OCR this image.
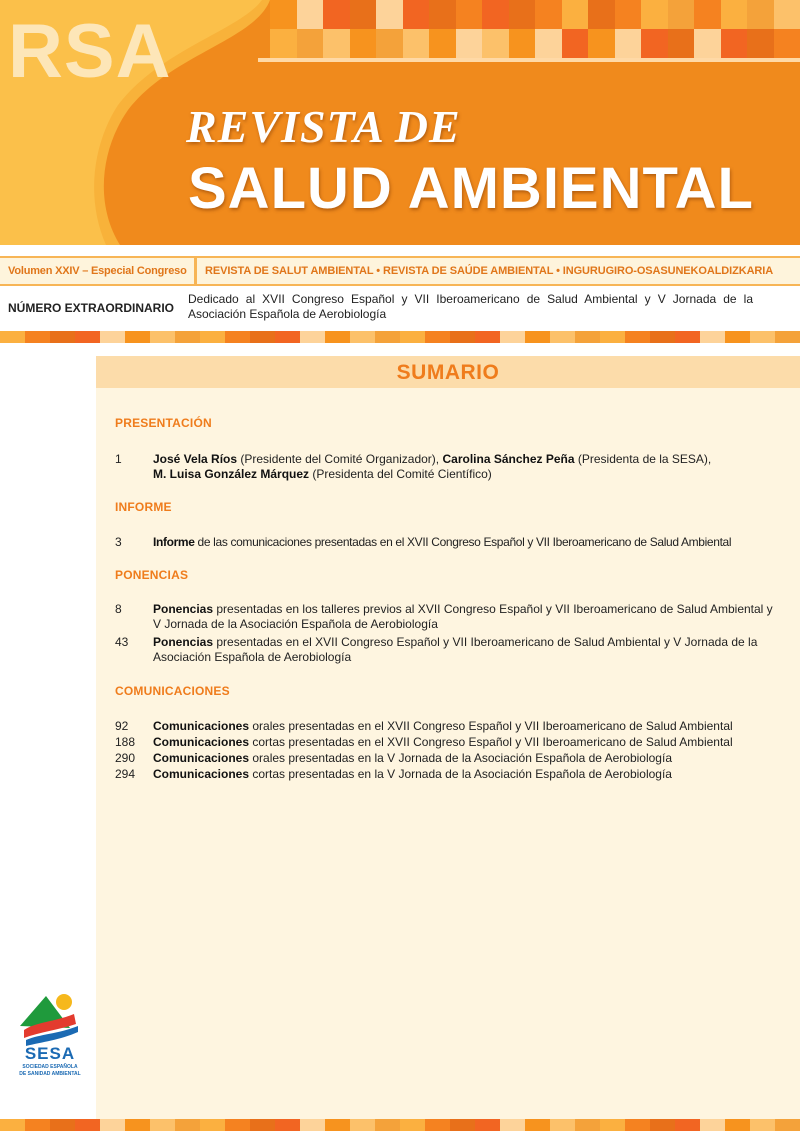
RSA
REVISTA DE
SALUD AMBIENTAL
Volumen XXIV – Especial Congreso REVISTA DE SALUT AMBIENTAL • REVISTA DE SAÚDE AMBIENTAL • INGURUGIRO-OSASUNEKOALDIZKARIA
NÚMERO EXTRAORDINARIO
Dedicado al XVII Congreso Español y VII Iberoamericano de Salud Ambiental y V Jornada de la Asociación Española de Aerobiología
SUMARIO
PRESENTACIÓN
1	José Vela Ríos (Presidente del Comité Organizador), Carolina Sánchez Peña (Presidenta de la SESA),
M. Luisa González Márquez (Presidenta del Comité Científico)
INFORME
3	Informe de las comunicaciones presentadas en el XVII Congreso Español y VII Iberoamericano de Salud Ambiental
PONENCIAS
8	Ponencias presentadas en los talleres previos al XVII Congreso Español y VII Iberoamericano de Salud Ambiental y V Jornada de la Asociación Española de Aerobiología
43	Ponencias presentadas en el XVII Congreso Español y VII Iberoamericano de Salud Ambiental y V Jornada de la Asociación Española de Aerobiología
COMUNICACIONES
92	Comunicaciones orales presentadas en el XVII Congreso Español y VII Iberoamericano de Salud Ambiental
188	Comunicaciones cortas presentadas en el XVII Congreso Español y VII Iberoamericano de Salud Ambiental
290	Comunicaciones orales presentadas en la V Jornada de la Asociación Española de Aerobiología
294	Comunicaciones cortas presentadas en la V Jornada de la Asociación Española de Aerobiología
SESA
SOCIEDAD ESPAÑOLA
DE SANIDAD AMBIENTAL
